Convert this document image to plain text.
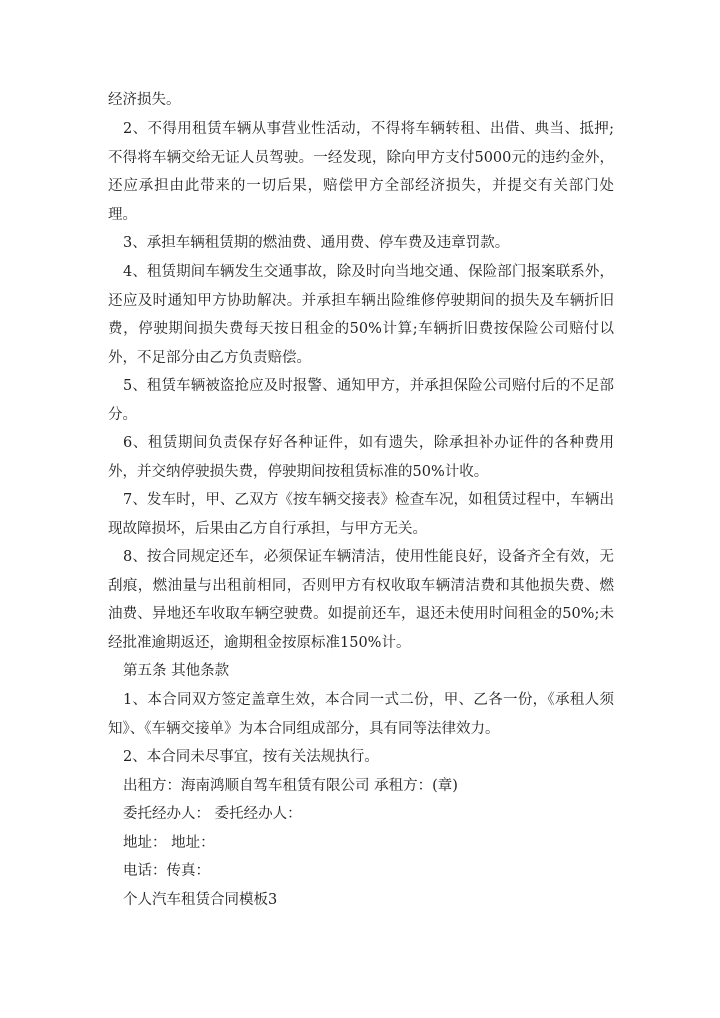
经济损失。

2、不得用租赁车辆从事营业性活动，不得将车辆转租、出借、典当、抵押;不得将车辆交给无证人员驾驶。一经发现，除向甲方支付5000元的违约金外，还应承担由此带来的一切后果，赔偿甲方全部经济损失，并提交有关部门处理。

3、承担车辆租赁期的燃油费、通用费、停车费及违章罚款。

4、租赁期间车辆发生交通事故，除及时向当地交通、保险部门报案联系外，还应及时通知甲方协助解决。并承担车辆出险维修停驶期间的损失及车辆折旧费，停驶期间损失费每天按日租金的50%计算;车辆折旧费按保险公司赔付以外，不足部分由乙方负责赔偿。

5、租赁车辆被盗抢应及时报警、通知甲方，并承担保险公司赔付后的不足部分。

6、租赁期间负责保存好各种证件，如有遗失，除承担补办证件的各种费用外，并交纳停驶损失费，停驶期间按租赁标准的50%计收。

7、发车时，甲、乙双方《按车辆交接表》检查车况，如租赁过程中，车辆出现故障损坏，后果由乙方自行承担，与甲方无关。

8、按合同规定还车，必须保证车辆清洁，使用性能良好，设备齐全有效，无刮痕，燃油量与出租前相同，否则甲方有权收取车辆清洁费和其他损失费、燃油费、异地还车收取车辆空驶费。如提前还车，退还未使用时间租金的50%;未经批准逾期返还，逾期租金按原标准150%计。

第五条 其他条款

1、本合同双方签定盖章生效，本合同一式二份，甲、乙各一份，《承租人须知》、《车辆交接单》为本合同组成部分，具有同等法律效力。

2、本合同未尽事宜，按有关法规执行。

出租方：海南鸿顺自驾车租赁有限公司 承租方：(章)

委托经办人： 委托经办人：

地址： 地址：

电话：传真：

个人汽车租赁合同模板3
